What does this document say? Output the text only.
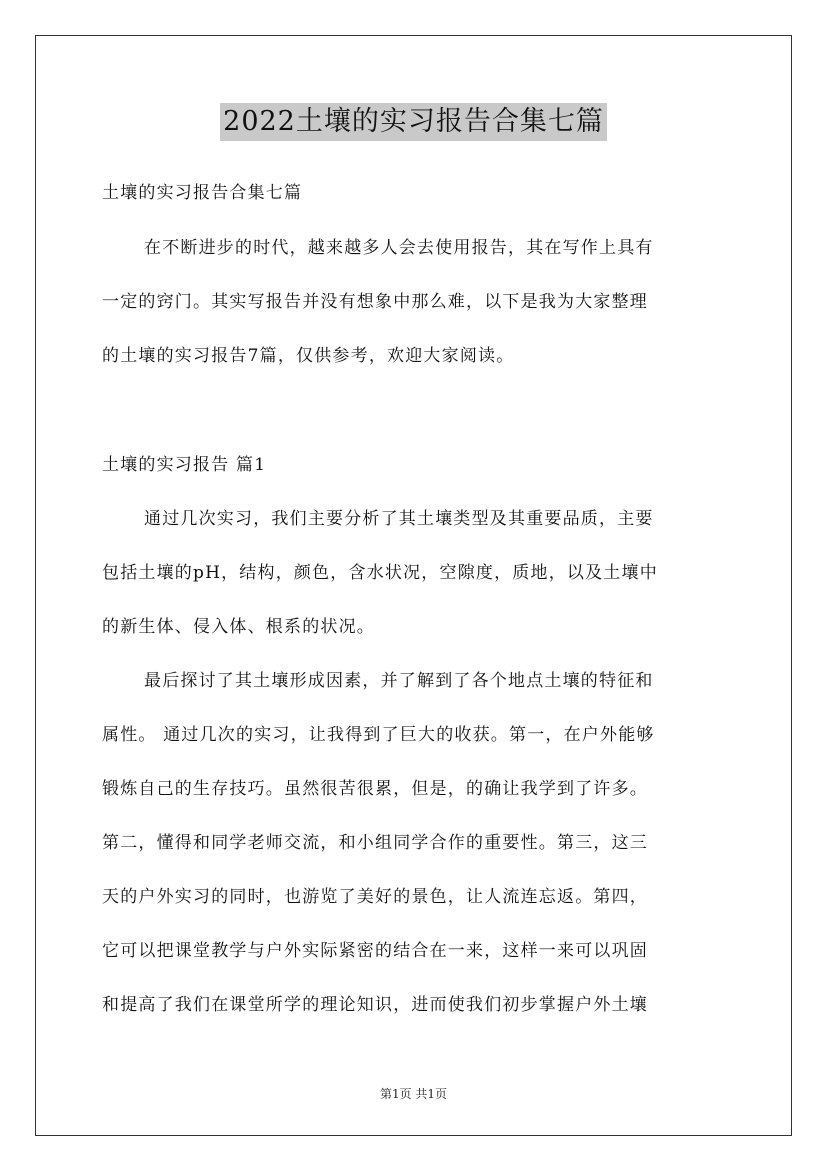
2022土壤的实习报告合集七篇
土壤的实习报告合集七篇
在不断进步的时代，越来越多人会去使用报告，其在写作上具有
一定的窍门。其实写报告并没有想象中那么难，以下是我为大家整理
的土壤的实习报告7篇，仅供参考，欢迎大家阅读。
土壤的实习报告 篇1
通过几次实习，我们主要分析了其土壤类型及其重要品质，主要
包括土壤的pH，结构，颜色，含水状况，空隙度，质地，以及土壤中
的新生体、侵入体、根系的状况。
最后探讨了其土壤形成因素，并了解到了各个地点土壤的特征和
属性。 通过几次的实习，让我得到了巨大的收获。第一，在户外能够
锻炼自己的生存技巧。虽然很苦很累，但是，的确让我学到了许多。
第二，懂得和同学老师交流，和小组同学合作的重要性。第三，这三
天的户外实习的同时，也游览了美好的景色，让人流连忘返。第四，
它可以把课堂教学与户外实际紧密的结合在一来，这样一来可以巩固
和提高了我们在课堂所学的理论知识，进而使我们初步掌握户外土壤
第1页 共1页
